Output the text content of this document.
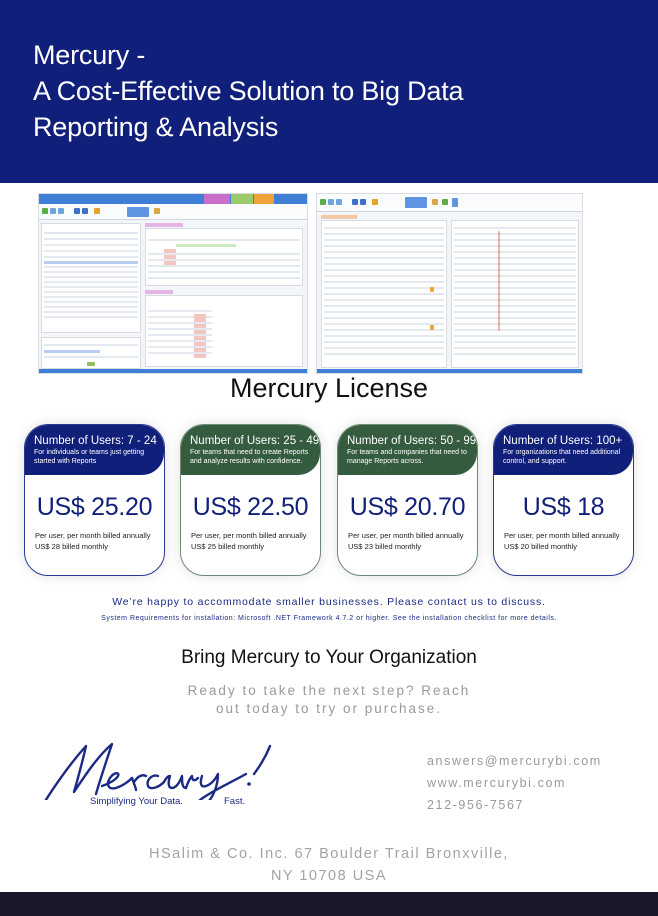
Mercury -
A Cost-Effective Solution to Big Data
Reporting & Analysis
Mercury License
Number of Users: 7 - 24
For individuals or teams just getting started with Reports
US$ 25.20
Per user, per month billed annually
US$ 28 billed monthly
Number of Users: 25 - 49
For teams that need to create Reports and analyze results with confidence.
US$ 22.50
Per user, per month billed annually
US$ 25 billed monthly
Number of Users: 50 - 99
For teams and companies that need to manage Reports across.
US$ 20.70
Per user, per month billed annually
US$ 23 billed monthly
Number of Users: 100+
For organizations that need additional control, and support.
US$ 18
Per user, per month billed annually
US$ 20 billed monthly
We’re happy to accommodate smaller businesses. Please contact us to discuss.
System Requirements for installation: Microsoft .NET Framework 4.7.2 or higher. See the installation checklist for more details.
Bring Mercury to Your Organization
Ready to take the next step? Reach
out today to try or purchase.
Simplifying Your Data.	Fast.
answers@mercurybi.com
www.mercurybi.com
212-956-7567
HSalim & Co. Inc. 67 Boulder Trail Bronxville,
NY 10708 USA
